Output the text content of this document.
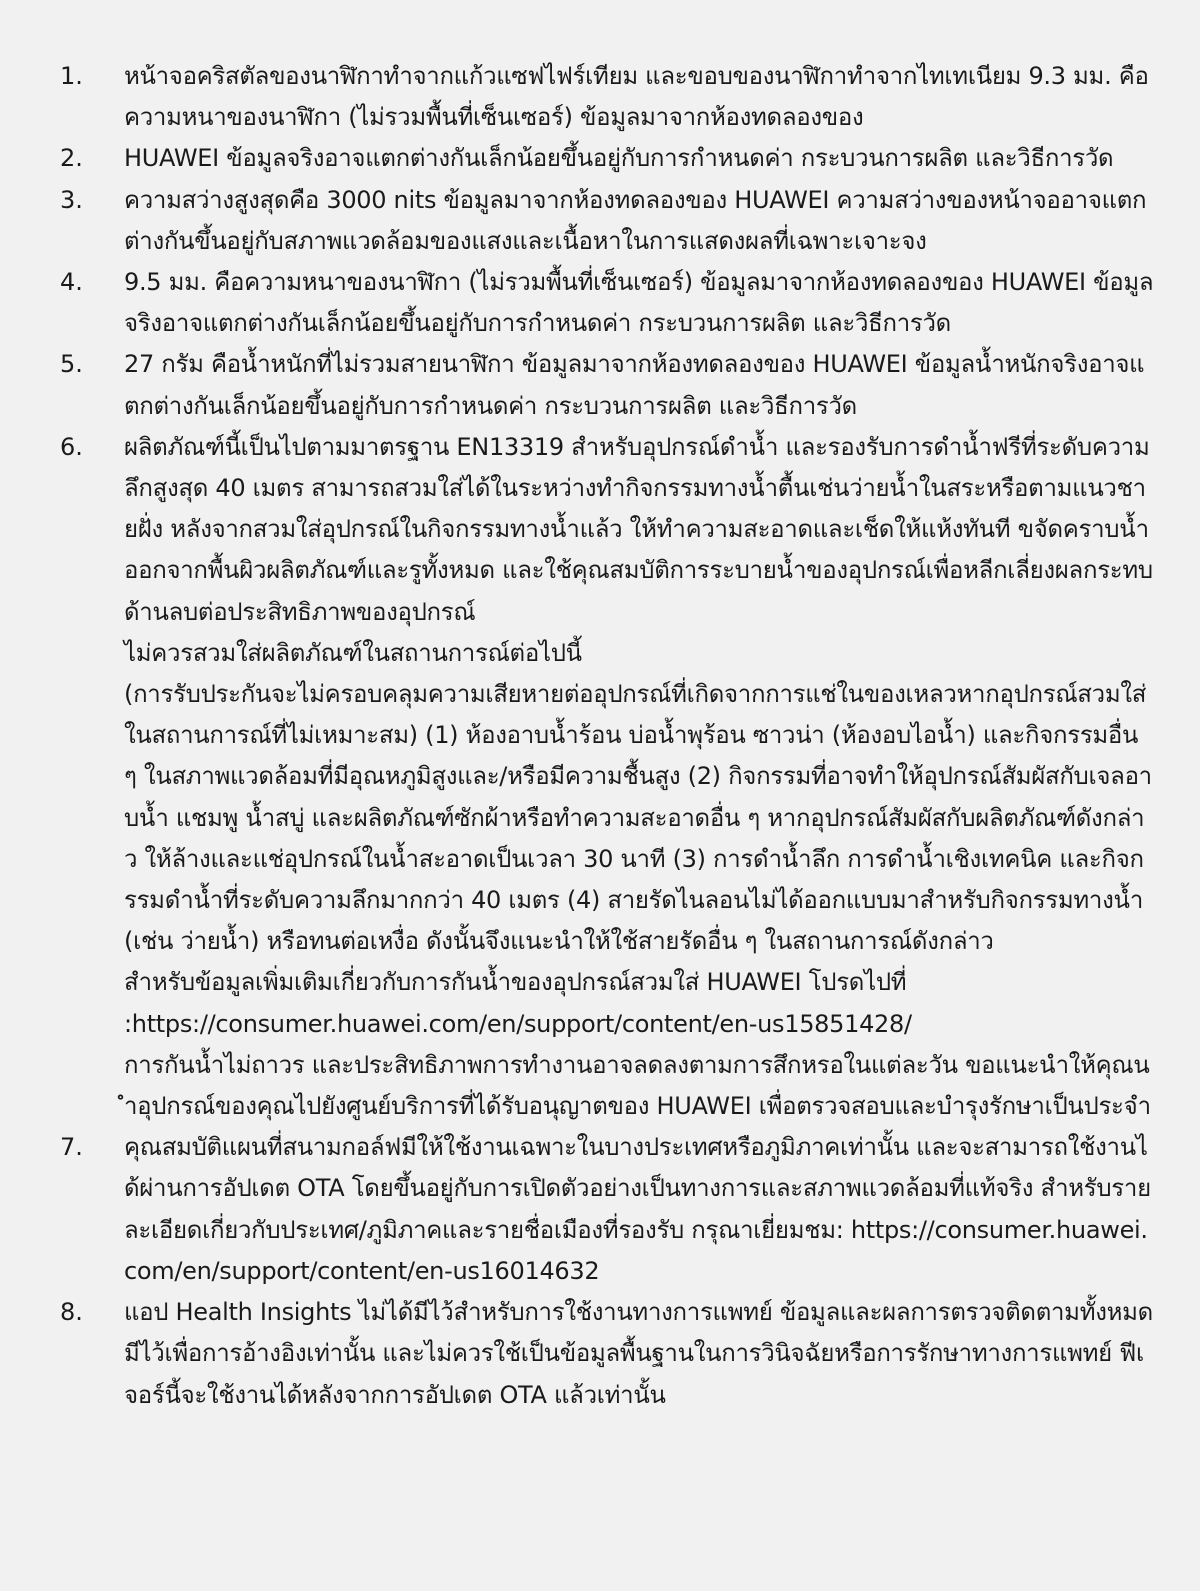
1.	หน้าจอคริสตัลของนาฬิกาทำจากแก้วแซฟไฟร์เทียม และขอบของนาฬิกาทำจากไทเทเนียม 9.3 มม. คือความหนาของนาฬิกา (ไม่รวมพื้นที่เซ็นเซอร์) ข้อมูลมาจากห้องทดลองของ

2.	HUAWEI ข้อมูลจริงอาจแตกต่างกันเล็กน้อยขึ้นอยู่กับการกำหนดค่า กระบวนการผลิต และวิธีการวัด

3.	ความสว่างสูงสุดคือ 3000 nits ข้อมูลมาจากห้องทดลองของ HUAWEI ความสว่างของหน้าจออาจแตกต่างกันขึ้นอยู่กับสภาพแวดล้อมของแสงและเนื้อหาในการแสดงผลที่เฉพาะเจาะจง

4.	9.5 มม. คือความหนาของนาฬิกา (ไม่รวมพื้นที่เซ็นเซอร์) ข้อมูลมาจากห้องทดลองของ HUAWEI ข้อมูลจริงอาจแตกต่างกันเล็กน้อยขึ้นอยู่กับการกำหนดค่า กระบวนการผลิต และวิธีการวัด

5.	27 กรัม คือน้ำหนักที่ไม่รวมสายนาฬิกา ข้อมูลมาจากห้องทดลองของ HUAWEI ข้อมูลน้ำหนักจริงอาจแตกต่างกันเล็กน้อยขึ้นอยู่กับการกำหนดค่า กระบวนการผลิต และวิธีการวัด

6.	ผลิตภัณฑ์นี้เป็นไปตามมาตรฐาน EN13319 สำหรับอุปกรณ์ดำน้ำ และรองรับการดำน้ำฟรีที่ระดับความลึกสูงสุด 40 เมตร สามารถสวมใส่ได้ในระหว่างทำกิจกรรมทางน้ำตื้นเช่นว่ายน้ำในสระหรือตามแนวชายฝั่ง หลังจากสวมใส่อุปกรณ์ในกิจกรรมทางน้ำแล้ว ให้ทำความสะอาดและเช็ดให้แห้งทันที ขจัดคราบน้ำออกจากพื้นผิวผลิตภัณฑ์และรูทั้งหมด และใช้คุณสมบัติการระบายน้ำของอุปกรณ์เพื่อหลีกเลี่ยงผลกระทบด้านลบต่อประสิทธิภาพของอุปกรณ์

ไม่ควรสวมใส่ผลิตภัณฑ์ในสถานการณ์ต่อไปนี้

(การรับประกันจะไม่ครอบคลุมความเสียหายต่ออุปกรณ์ที่เกิดจากการแช่ในของเหลวหากอุปกรณ์สวมใส่ในสถานการณ์ที่ไม่เหมาะสม) (1) ห้องอาบน้ำร้อน บ่อน้ำพุร้อน ซาวน่า (ห้องอบไอน้ำ) และกิจกรรมอื่น ๆ ในสภาพแวดล้อมที่มีอุณหภูมิสูงและ/หรือมีความชื้นสูง (2) กิจกรรมที่อาจทำให้อุปกรณ์สัมผัสกับเจลอาบน้ำ แชมพู น้ำสบู่ และผลิตภัณฑ์ซักผ้าหรือทำความสะอาดอื่น ๆ หากอุปกรณ์สัมผัสกับผลิตภัณฑ์ดังกล่าว ให้ล้างและแช่อุปกรณ์ในน้ำสะอาดเป็นเวลา 30 นาที (3) การดำน้ำลึก การดำน้ำเชิงเทคนิค และกิจกรรมดำน้ำที่ระดับความลึกมากกว่า 40 เมตร (4) สายรัดไนลอนไม่ได้ออกแบบมาสำหรับกิจกรรมทางน้ำ (เช่น ว่ายน้ำ) หรือทนต่อเหงื่อ ดังนั้นจึงแนะนำให้ใช้สายรัดอื่น ๆ ในสถานการณ์ดังกล่าว

สำหรับข้อมูลเพิ่มเติมเกี่ยวกับการกันน้ำของอุปกรณ์สวมใส่ HUAWEI โปรดไปที่

:https://consumer.huawei.com/en/support/content/en-us15851428/

การกันน้ำไม่ถาวร และประสิทธิภาพการทำงานอาจลดลงตามการสึกหรอในแต่ละวัน ขอแนะนำให้คุณนำอุปกรณ์ของคุณไปยังศูนย์บริการที่ได้รับอนุญาตของ HUAWEI เพื่อตรวจสอบและบำรุงรักษาเป็นประจำ

7.	คุณสมบัติแผนที่สนามกอล์ฟมีให้ใช้งานเฉพาะในบางประเทศหรือภูมิภาคเท่านั้น และจะสามารถใช้งานได้ผ่านการอัปเดต OTA โดยขึ้นอยู่กับการเปิดตัวอย่างเป็นทางการและสภาพแวดล้อมที่แท้จริง สำหรับรายละเอียดเกี่ยวกับประเทศ/ภูมิภาคและรายชื่อเมืองที่รองรับ กรุณาเยี่ยมชม: https://consumer.huawei.com/en/support/content/en-us16014632

8.	แอป Health Insights ไม่ได้มีไว้สำหรับการใช้งานทางการแพทย์ ข้อมูลและผลการตรวจติดตามทั้งหมดมีไว้เพื่อการอ้างอิงเท่านั้น และไม่ควรใช้เป็นข้อมูลพื้นฐานในการวินิจฉัยหรือการรักษาทางการแพทย์ ฟีเจอร์นี้จะใช้งานได้หลังจากการอัปเดต OTA แล้วเท่านั้น
